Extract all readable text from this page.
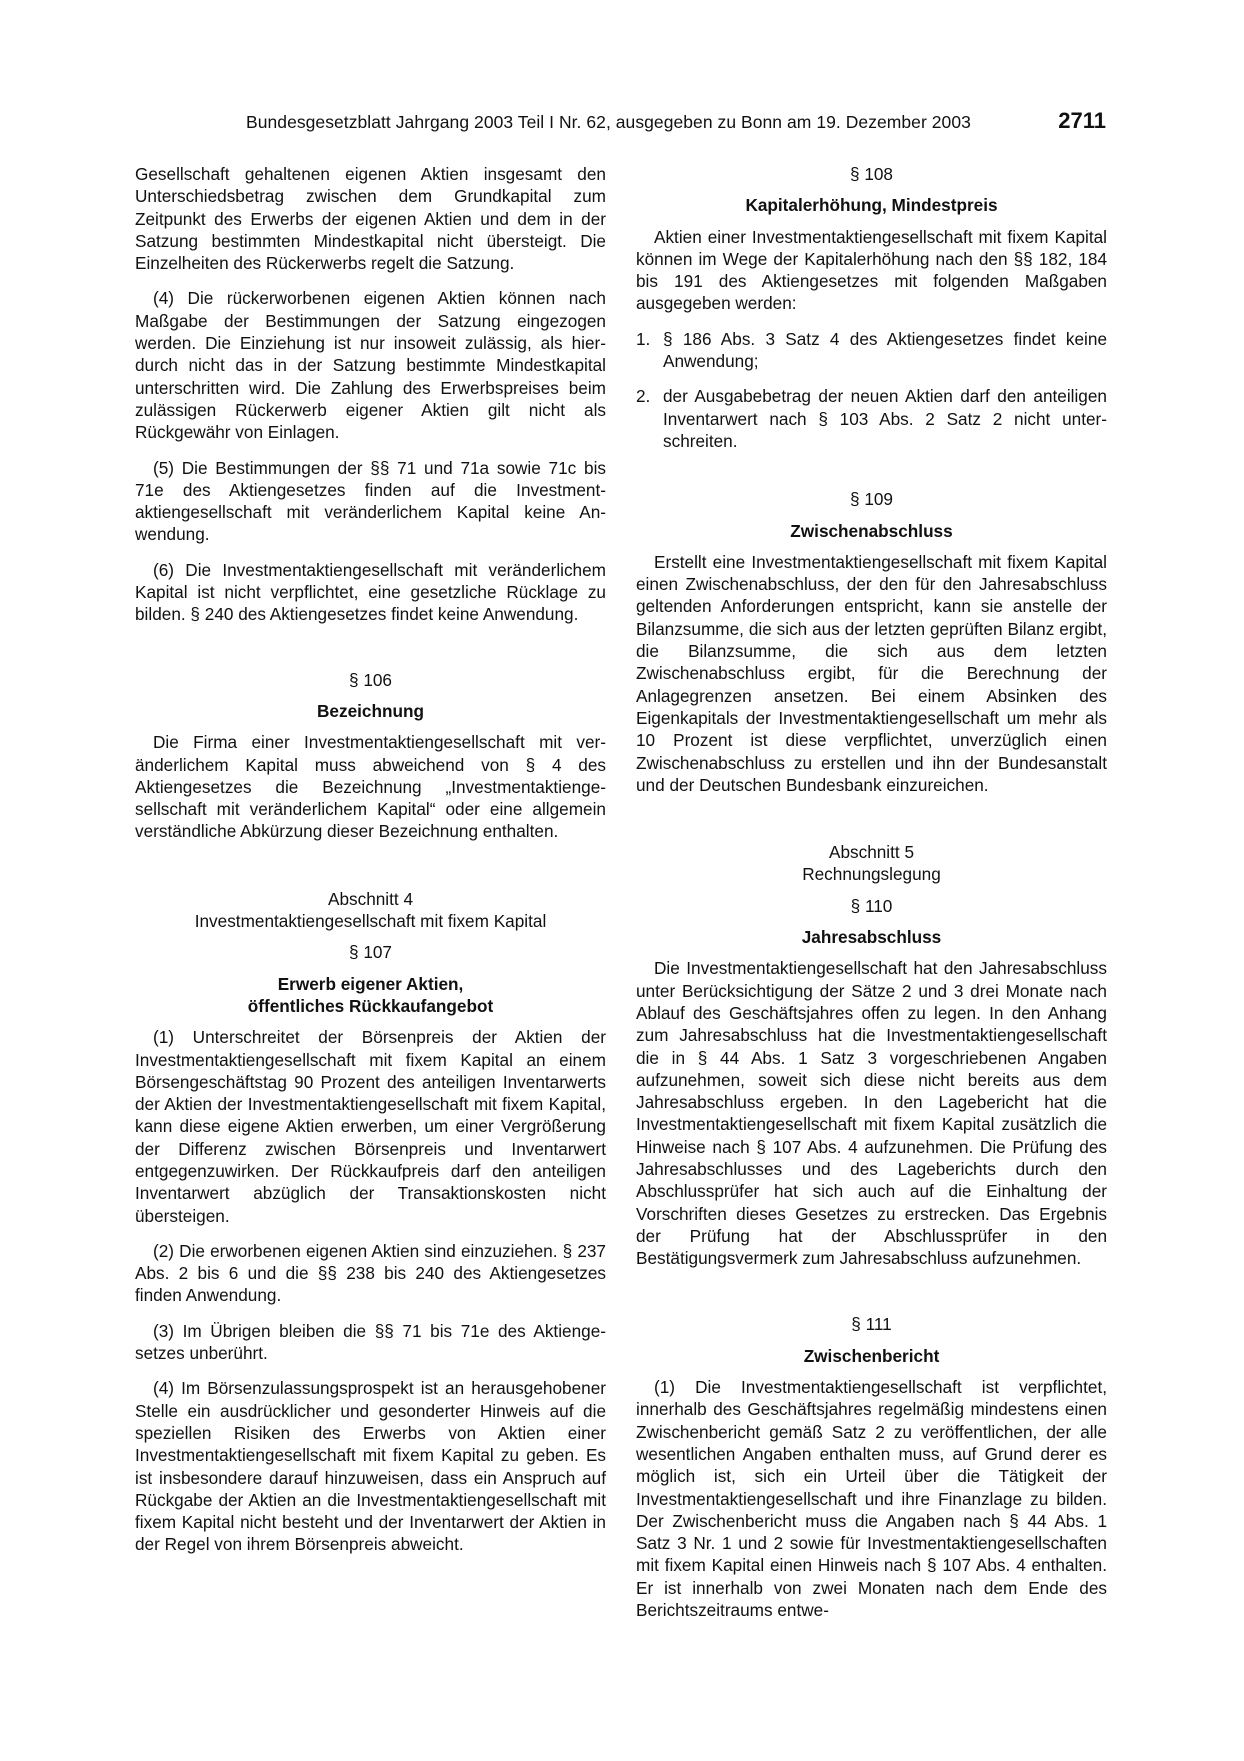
Bundesgesetzblatt Jahrgang 2003 Teil I Nr. 62, ausgegeben zu Bonn am 19. Dezember 2003	2711

Gesellschaft gehaltenen eigenen Aktien insgesamt den Unterschiedsbetrag zwischen dem Grundkapital zum Zeitpunkt des Erwerbs der eigenen Aktien und dem in der Satzung bestimmten Mindestkapital nicht übersteigt. Die Einzelheiten des Rückerwerbs regelt die Satzung.

(4) Die rückerworbenen eigenen Aktien können nach Maßgabe der Bestimmungen der Satzung eingezogen werden. Die Einziehung ist nur insoweit zulässig, als hierdurch nicht das in der Satzung bestimmte Mindestkapital unterschritten wird. Die Zahlung des Erwerbspreises beim zulässigen Rückerwerb eigener Aktien gilt nicht als Rückgewähr von Einlagen.

(5) Die Bestimmungen der §§ 71 und 71a sowie 71c bis 71e des Aktiengesetzes finden auf die Investmentaktiengesellschaft mit veränderlichem Kapital keine Anwendung.

(6) Die Investmentaktiengesellschaft mit veränderlichem Kapital ist nicht verpflichtet, eine gesetzliche Rücklage zu bilden. § 240 des Aktiengesetzes findet keine Anwendung.

§ 106
Bezeichnung

Die Firma einer Investmentaktiengesellschaft mit veränderlichem Kapital muss abweichend von § 4 des Aktiengesetzes die Bezeichnung „Investmentaktiengesellschaft mit veränderlichem Kapital“ oder eine allgemein verständliche Abkürzung dieser Bezeichnung enthalten.

Abschnitt 4
Investmentaktiengesellschaft mit fixem Kapital
§ 107
Erwerb eigener Aktien,
öffentliches Rückkaufangebot

(1) Unterschreitet der Börsenpreis der Aktien der Investmentaktiengesellschaft mit fixem Kapital an einem Börsengeschäftstag 90 Prozent des anteiligen Inventarwerts der Aktien der Investmentaktiengesellschaft mit fixem Kapital, kann diese eigene Aktien erwerben, um einer Vergrößerung der Differenz zwischen Börsenpreis und Inventarwert entgegenzuwirken. Der Rückkaufpreis darf den anteiligen Inventarwert abzüglich der Transaktionskosten nicht übersteigen.

(2) Die erworbenen eigenen Aktien sind einzuziehen. § 237 Abs. 2 bis 6 und die §§ 238 bis 240 des Aktiengesetzes finden Anwendung.

(3) Im Übrigen bleiben die §§ 71 bis 71e des Aktiengesetzes unberührt.

(4) Im Börsenzulassungsprospekt ist an herausgehobener Stelle ein ausdrücklicher und gesonderter Hinweis auf die speziellen Risiken des Erwerbs von Aktien einer Investmentaktiengesellschaft mit fixem Kapital zu geben. Es ist insbesondere darauf hinzuweisen, dass ein Anspruch auf Rückgabe der Aktien an die Investmentaktiengesellschaft mit fixem Kapital nicht besteht und der Inventarwert der Aktien in der Regel von ihrem Börsenpreis abweicht.

§ 108
Kapitalerhöhung, Mindestpreis

Aktien einer Investmentaktiengesellschaft mit fixem Kapital können im Wege der Kapitalerhöhung nach den §§ 182, 184 bis 191 des Aktiengesetzes mit folgenden Maßgaben ausgegeben werden:

1. § 186 Abs. 3 Satz 4 des Aktiengesetzes findet keine Anwendung;
2. der Ausgabebetrag der neuen Aktien darf den anteiligen Inventarwert nach § 103 Abs. 2 Satz 2 nicht unterschreiten.
§ 109
Zwischenabschluss

Erstellt eine Investmentaktiengesellschaft mit fixem Kapital einen Zwischenabschluss, der den für den Jahresabschluss geltenden Anforderungen entspricht, kann sie anstelle der Bilanzsumme, die sich aus der letzten geprüften Bilanz ergibt, die Bilanzsumme, die sich aus dem letzten Zwischenabschluss ergibt, für die Berechnung der Anlagegrenzen ansetzen. Bei einem Absinken des Eigenkapitals der Investmentaktiengesellschaft um mehr als 10 Prozent ist diese verpflichtet, unverzüglich einen Zwischenabschluss zu erstellen und ihn der Bundesanstalt und der Deutschen Bundesbank einzureichen.

Abschnitt 5
Rechnungslegung
§ 110
Jahresabschluss

Die Investmentaktiengesellschaft hat den Jahresabschluss unter Berücksichtigung der Sätze 2 und 3 drei Monate nach Ablauf des Geschäftsjahres offen zu legen. In den Anhang zum Jahresabschluss hat die Investmentaktiengesellschaft die in § 44 Abs. 1 Satz 3 vorgeschriebenen Angaben aufzunehmen, soweit sich diese nicht bereits aus dem Jahresabschluss ergeben. In den Lagebericht hat die Investmentaktiengesellschaft mit fixem Kapital zusätzlich die Hinweise nach § 107 Abs. 4 aufzunehmen. Die Prüfung des Jahresabschlusses und des Lageberichts durch den Abschlussprüfer hat sich auch auf die Einhaltung der Vorschriften dieses Gesetzes zu erstrecken. Das Ergebnis der Prüfung hat der Abschlussprüfer in den Bestätigungsvermerk zum Jahresabschluss aufzunehmen.

§ 111
Zwischenbericht

(1) Die Investmentaktiengesellschaft ist verpflichtet, innerhalb des Geschäftsjahres regelmäßig mindestens einen Zwischenbericht gemäß Satz 2 zu veröffentlichen, der alle wesentlichen Angaben enthalten muss, auf Grund derer es möglich ist, sich ein Urteil über die Tätigkeit der Investmentaktiengesellschaft und ihre Finanzlage zu bilden. Der Zwischenbericht muss die Angaben nach § 44 Abs. 1 Satz 3 Nr. 1 und 2 sowie für Investmentaktiengesellschaften mit fixem Kapital einen Hinweis nach § 107 Abs. 4 enthalten. Er ist innerhalb von zwei Monaten nach dem Ende des Berichtszeitraums entwe-
